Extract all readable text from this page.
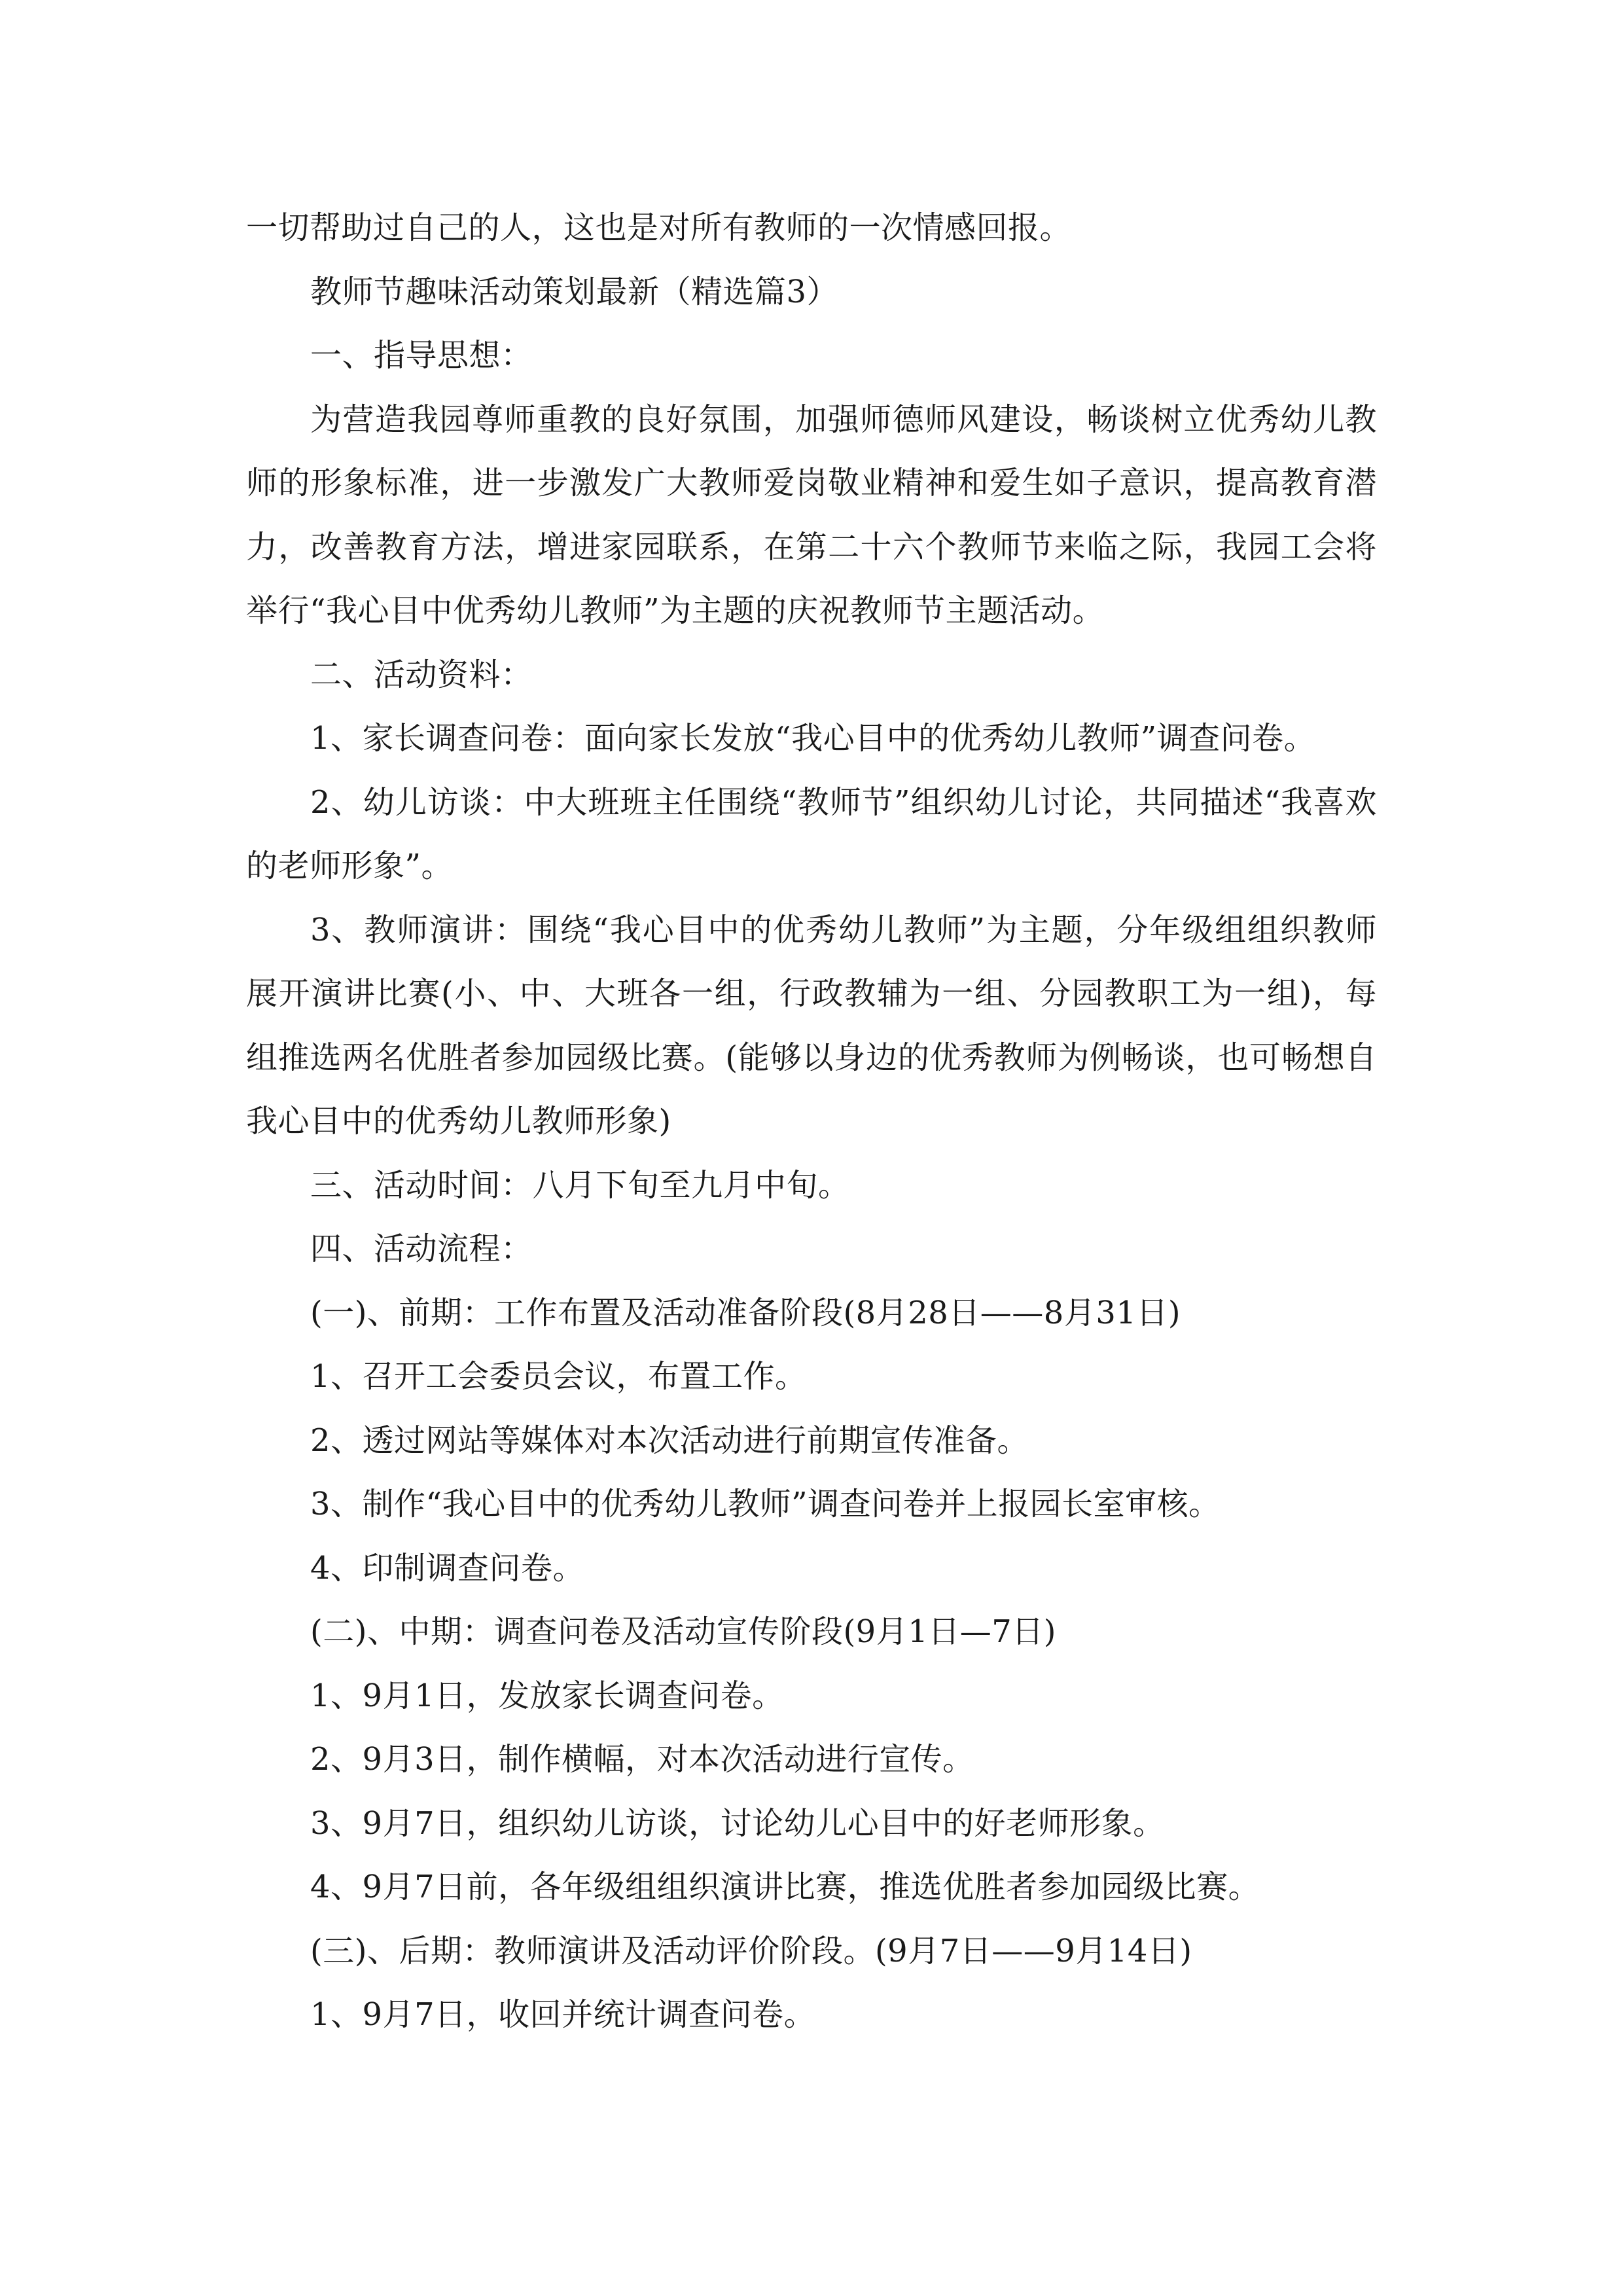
一切帮助过自己的人，这也是对所有教师的一次情感回报。

教师节趣味活动策划最新（精选篇3）

一、指导思想：

为营造我园尊师重教的良好氛围，加强师德师风建设，畅谈树立优秀幼儿教师的形象标准，进一步激发广大教师爱岗敬业精神和爱生如子意识，提高教育潜力，改善教育方法，增进家园联系，在第二十六个教师节来临之际，我园工会将举行“我心目中优秀幼儿教师”为主题的庆祝教师节主题活动。

二、活动资料：

1、家长调查问卷：面向家长发放“我心目中的优秀幼儿教师”调查问卷。

2、幼儿访谈：中大班班主任围绕“教师节”组织幼儿讨论，共同描述“我喜欢的老师形象”。

3、教师演讲：围绕“我心目中的优秀幼儿教师”为主题，分年级组组织教师展开演讲比赛(小、中、大班各一组，行政教辅为一组、分园教职工为一组)，每组推选两名优胜者参加园级比赛。(能够以身边的优秀教师为例畅谈，也可畅想自我心目中的优秀幼儿教师形象)

三、活动时间：八月下旬至九月中旬。

四、活动流程：

(一)、前期：工作布置及活动准备阶段(8月28日——8月31日)

1、召开工会委员会议，布置工作。

2、透过网站等媒体对本次活动进行前期宣传准备。

3、制作“我心目中的优秀幼儿教师”调查问卷并上报园长室审核。

4、印制调查问卷。

(二)、中期：调查问卷及活动宣传阶段(9月1日—7日)

1、9月1日，发放家长调查问卷。

2、9月3日，制作横幅，对本次活动进行宣传。

3、9月7日，组织幼儿访谈，讨论幼儿心目中的好老师形象。

4、9月7日前，各年级组组织演讲比赛，推选优胜者参加园级比赛。

(三)、后期：教师演讲及活动评价阶段。(9月7日——9月14日)

1、9月7日，收回并统计调查问卷。
